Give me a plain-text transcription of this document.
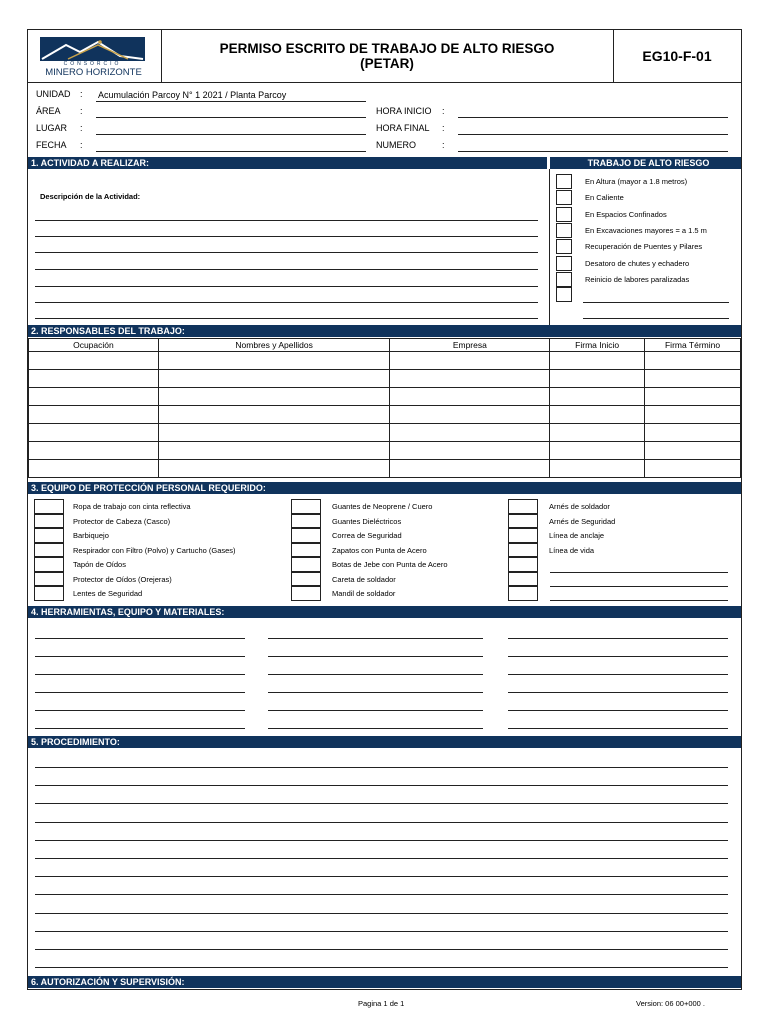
CONSORCIO
MINERO HORIZONTE
PERMISO ESCRITO DE TRABAJO DE ALTO RIESGO
(PETAR)	EG10-F-01
UNIDAD : Acumulación Parcoy N° 1 2021 / Planta Parcoy
ÁREA :
LUGAR :
FECHA :
HORA INICIO :
HORA FINAL :
NUMERO	:
1. ACTIVIDAD A REALIZAR:	TRABAJO DE ALTO RIESGO
Descripción de la Actividad:
En Altura (mayor a 1.8 metros)
En Caliente
En Espacios Confinados
En Excavaciones mayores = a 1.5 m
Recuperación de Puentes y Pilares
Desatoro de chutes y echadero
Reinicio de labores paralizadas
2. RESPONSABLES DEL TRABAJO:
Ocupación	Nombres y Apellidos	Empresa	Firma Inicio	Firma Término

3. EQUIPO DE PROTECCIÓN PERSONAL REQUERIDO:
Ropa de trabajo con cinta reflectiva
Protector de Cabeza (Casco)
Barbiquejo
Respirador con Filtro (Polvo) y Cartucho (Gases)
Tapón de Oídos
Protector de Oídos (Orejeras)
Lentes de Seguridad
Guantes de Neoprene / Cuero
Guantes Dieléctricos
Correa de Seguridad
Zapatos con Punta de Acero
Botas de Jebe con Punta de Acero
Careta de soldador
Mandil de soldador
Arnés de soldador
Arnés de Seguridad
Línea de anclaje
Línea de vida
4. HERRAMIENTAS, EQUIPO Y MATERIALES:
5. PROCEDIMIENTO:
6. AUTORIZACIÓN Y SUPERVISIÓN:
Pagina 1 de 1	Version: 06 00+000 .
